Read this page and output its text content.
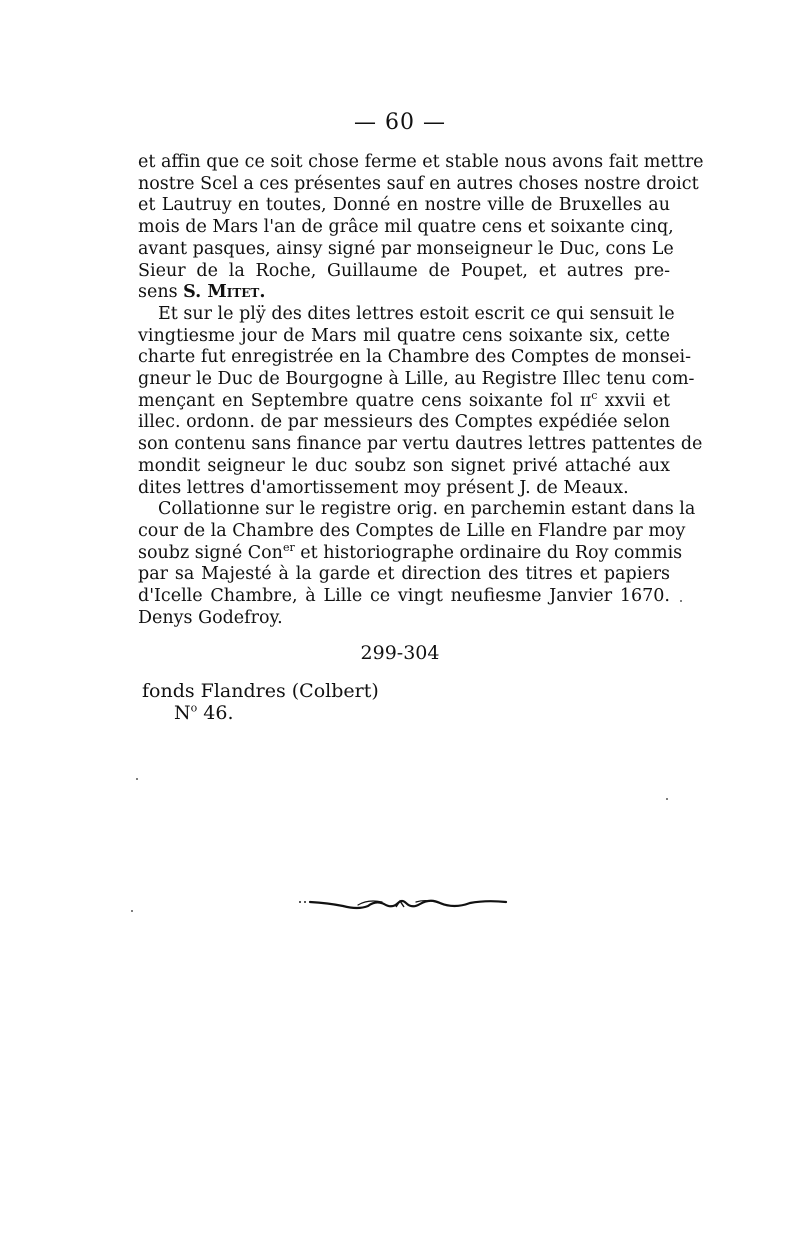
— 60 —
et affin que ce soit chose ferme et stable nous avons fait mettre
nostre Scel a ces présentes sauf en autres choses nostre droict
et Lautruy en toutes, Donné en nostre ville de Bruxelles au
mois de Mars l'an de grâce mil quatre cens et soixante cinq,
avant pasques, ainsy signé par monseigneur le Duc, cons Le
Sieur de la Roche, Guillaume de Poupet, et autres pre-
sens S. Mitet.
Et sur le plÿ des dites lettres estoit escrit ce qui sensuit le
vingtiesme jour de Mars mil quatre cens soixante six, cette
charte fut enregistrée en la Chambre des Comptes de monsei-
gneur le Duc de Bourgogne à Lille, au Registre Illec tenu com-
mençant en Septembre quatre cens soixante fol ɪɪ$^c$ xxvii et
illec. ordonn. de par messieurs des Comptes expédiée selon
son contenu sans finance par vertu dautres lettres pattentes de
mondit seigneur le duc soubz son signet privé attaché aux
dites lettres d'amortissement moy présent J. de Meaux.
Collationne sur le registre orig. en parchemin estant dans la
cour de la Chambre des Comptes de Lille en Flandre par moy
soubz signé Con$^{er}$ et historiographe ordinaire du Roy commis
par sa Majesté à la garde et direction des titres et papiers
d'Icelle Chambre, à Lille ce vingt neufiesme Janvier 1670.
Denys Godefroy.
299-304
fonds Flandres (Colbert)
$N^o$ 46.
